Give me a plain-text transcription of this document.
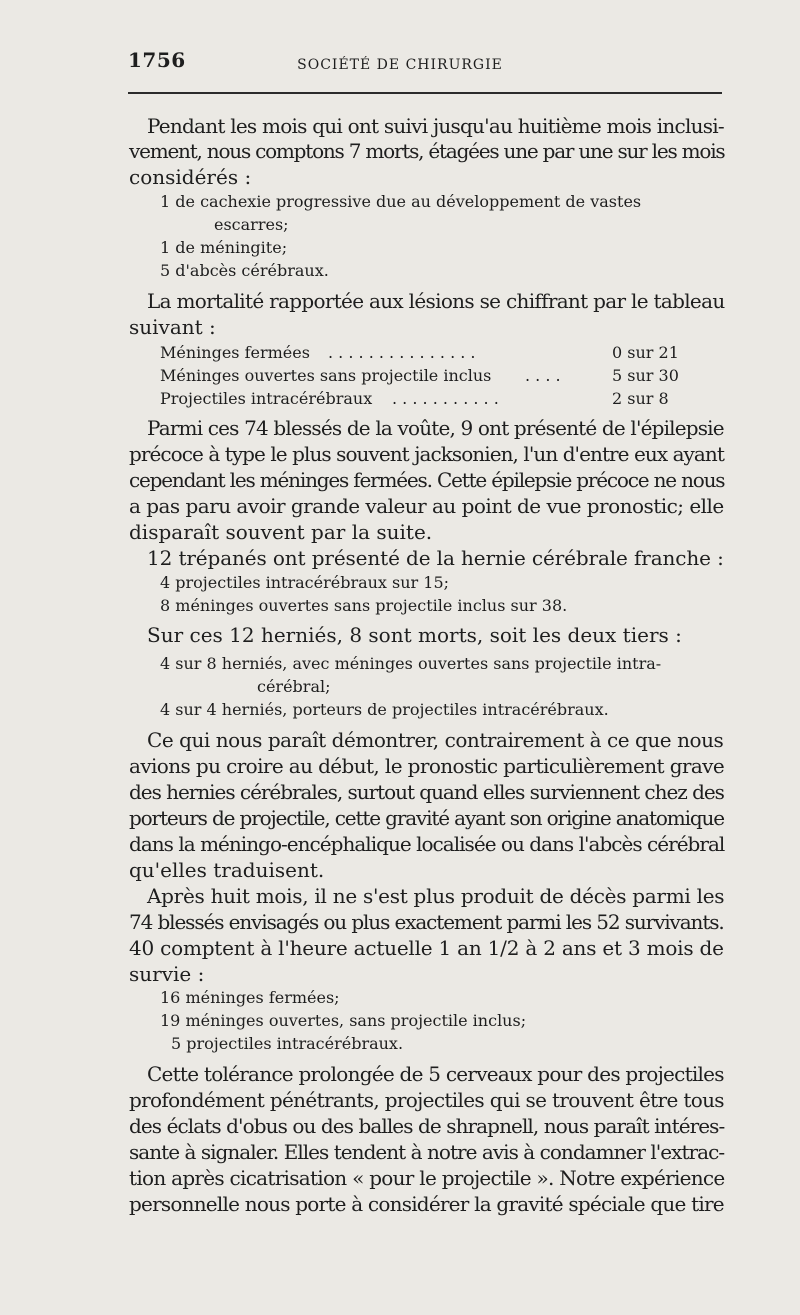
1756	SOCIÉTÉ DE CHIRURGIE
Pendant les mois qui ont suivi jusqu'au huitième mois inclusi-
vement, nous comptons 7 morts, étagées une par une sur les mois
considérés :
1 de cachexie progressive due au développement de vastes
escarres;
1 de méningite;
5 d'abcès cérébraux.
La mortalité rapportée aux lésions se chiffrant par le tableau
suivant :
Méninges fermées . . . . . . . . . . . . . . .	0 sur 21
Méninges ouvertes sans projectile inclus . . . .	5 sur 30
Projectiles intracérébraux . . . . . . . . . . .	2 sur 8
Parmi ces 74 blessés de la voûte, 9 ont présenté de l'épilepsie
précoce à type le plus souvent jacksonien, l'un d'entre eux ayant
cependant les méninges fermées. Cette épilepsie précoce ne nous
a pas paru avoir grande valeur au point de vue pronostic; elle
disparaît souvent par la suite.
12 trépanés ont présenté de la hernie cérébrale franche :
4 projectiles intracérébraux sur 15;
8 méninges ouvertes sans projectile inclus sur 38.
Sur ces 12 herniés, 8 sont morts, soit les deux tiers :
4 sur 8 herniés, avec méninges ouvertes sans projectile intra-
cérébral;
4 sur 4 herniés, porteurs de projectiles intracérébraux.
Ce qui nous paraît démontrer, contrairement à ce que nous
avions pu croire au début, le pronostic particulièrement grave
des hernies cérébrales, surtout quand elles surviennent chez des
porteurs de projectile, cette gravité ayant son origine anatomique
dans la méningo-encéphalique localisée ou dans l'abcès cérébral
qu'elles traduisent.
Après huit mois, il ne s'est plus produit de décès parmi les
74 blessés envisagés ou plus exactement parmi les 52 survivants.
40 comptent à l'heure actuelle 1 an 1/2 à 2 ans et 3 mois de
survie :
16 méninges fermées;
19 méninges ouvertes, sans projectile inclus;
5 projectiles intracérébraux.
Cette tolérance prolongée de 5 cerveaux pour des projectiles
profondément pénétrants, projectiles qui se trouvent être tous
des éclats d'obus ou des balles de shrapnell, nous paraît intéres-
sante à signaler. Elles tendent à notre avis à condamner l'extrac-
tion après cicatrisation « pour le projectile ». Notre expérience
personnelle nous porte à considérer la gravité spéciale que tire
